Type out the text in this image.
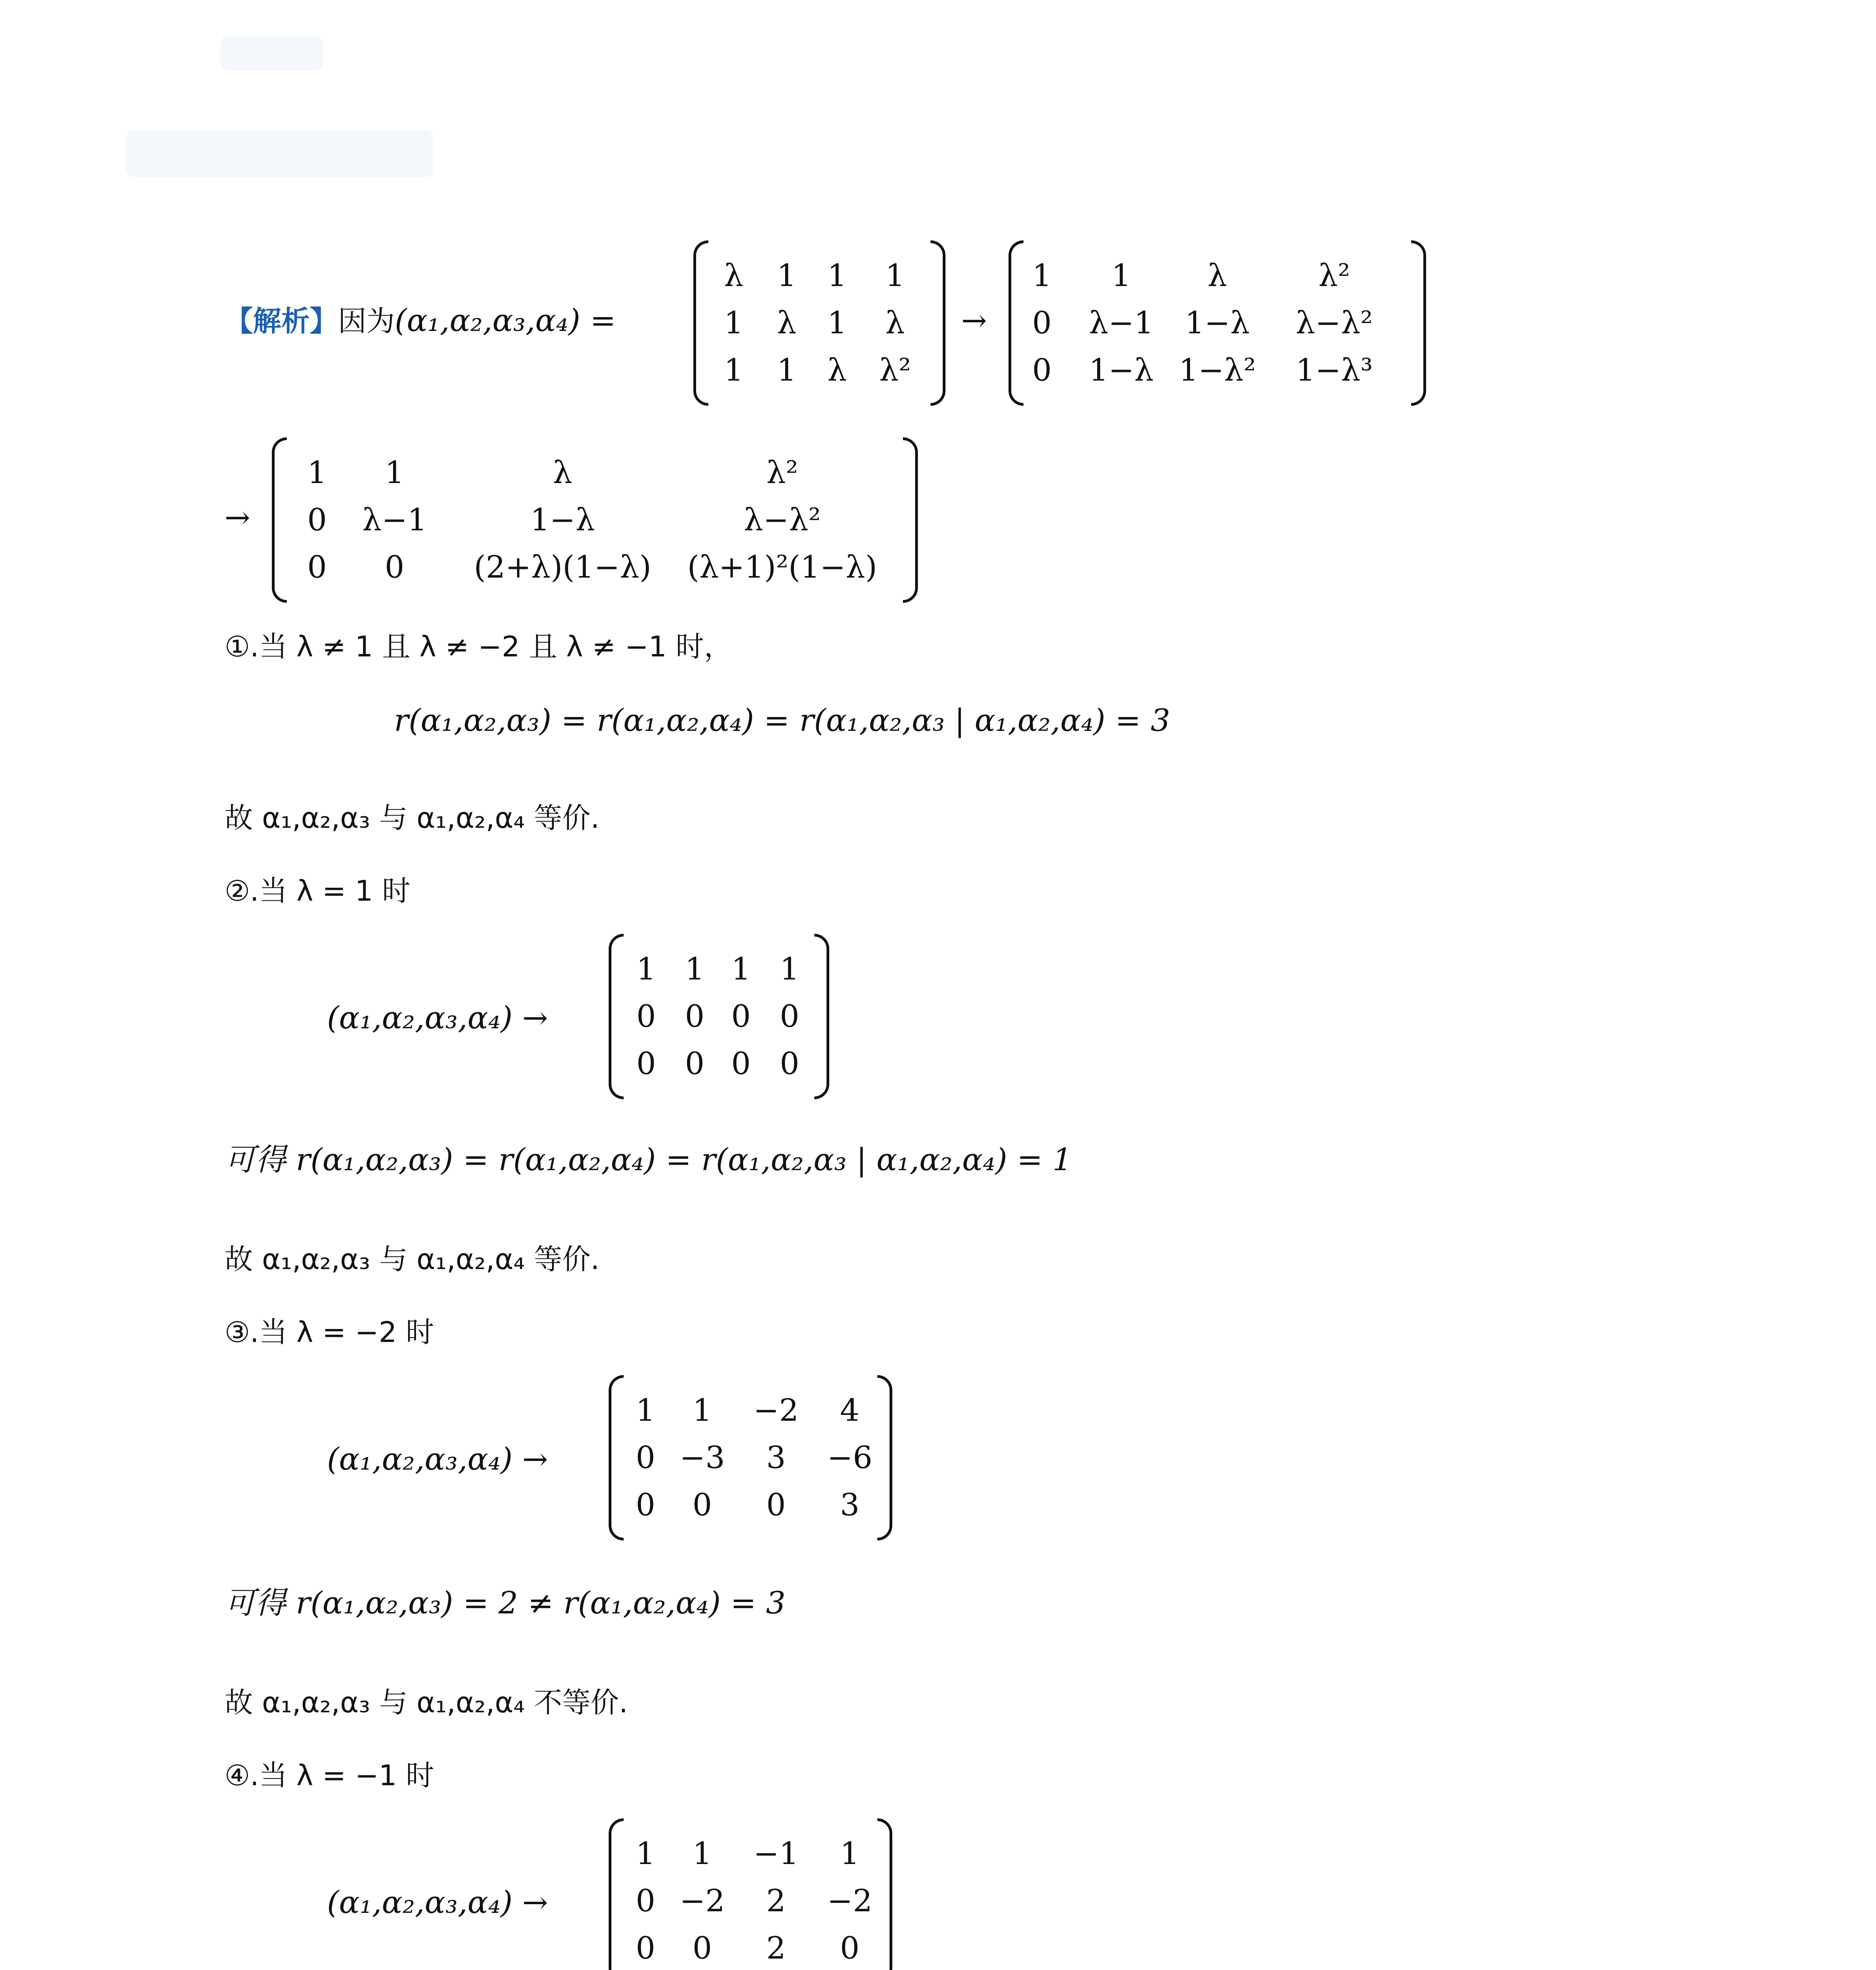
【解析】因为(α₁,α₂,α₃,α₄) =
λ 1 1 1
1 λ 1 λ
1 1 λ λ²
→
1 1 λ	λ²
0 λ−1 1−λ λ−λ²
0 1−λ 1−λ² 1−λ³
→
1 1	λ	λ²
0 λ−1	1−λ	λ−λ²
0 0 (2+λ)(1−λ) (λ+1)²(1−λ)
①.当 λ ≠ 1 且 λ ≠ −2 且 λ ≠ −1 时，
r(α₁,α₂,α₃) = r(α₁,α₂,α₄) = r(α₁,α₂,α₃ | α₁,α₂,α₄) = 3
故 α₁,α₂,α₃ 与 α₁,α₂,α₄ 等价.
②.当 λ = 1 时
(α₁,α₂,α₃,α₄) →
1 1 1 1
0 0 0 0
0 0 0 0
可得 r(α₁,α₂,α₃) = r(α₁,α₂,α₄) = r(α₁,α₂,α₃ | α₁,α₂,α₄) = 1
故 α₁,α₂,α₃ 与 α₁,α₂,α₄ 等价.
③.当 λ = −2 时
(α₁,α₂,α₃,α₄) →
1 1 −2 4
0 −3 3 −6
0 0 0 3
可得 r(α₁,α₂,α₃) = 2 ≠ r(α₁,α₂,α₄) = 3
故 α₁,α₂,α₃ 与 α₁,α₂,α₄ 不等价.
④.当 λ = −1 时
(α₁,α₂,α₃,α₄) →
1 1 −1 1
0 −2 2 −2
0 0 2 0
